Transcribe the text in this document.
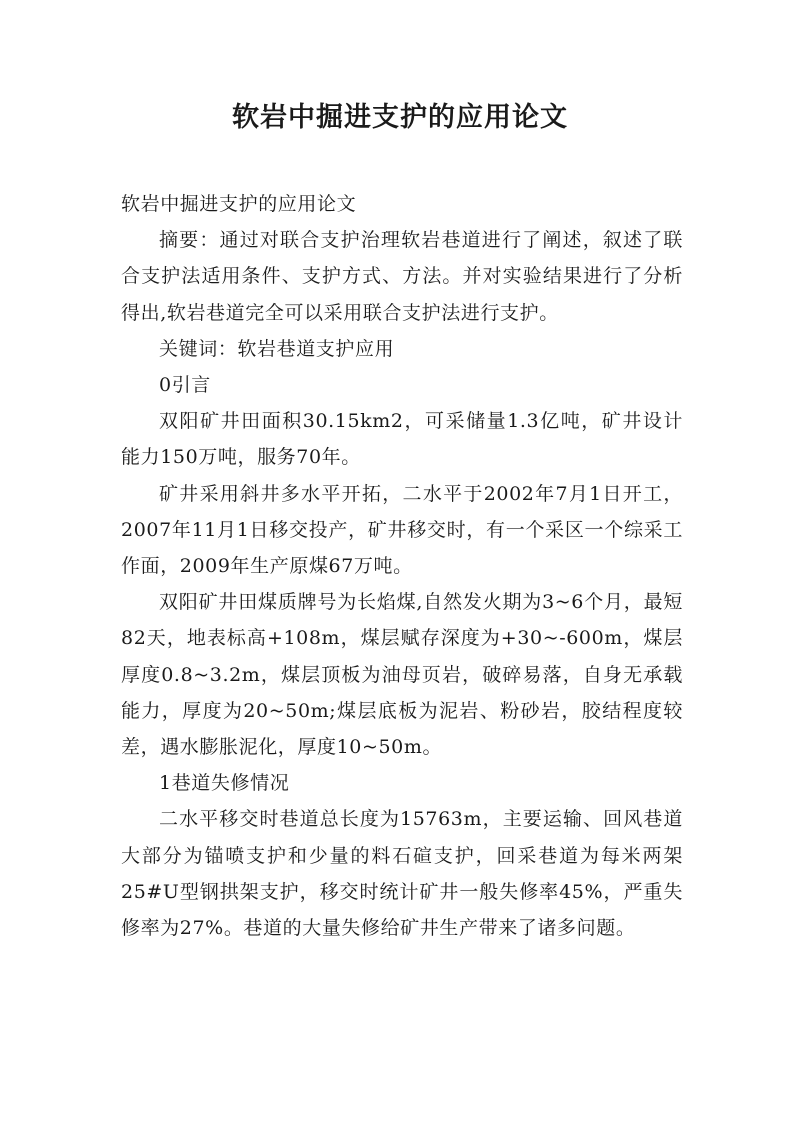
软岩中掘进支护的应用论文

软岩中掘进支护的应用论文

摘要：通过对联合支护治理软岩巷道进行了阐述，叙述了联合支护法适用条件、支护方式、方法。并对实验结果进行了分析得出,软岩巷道完全可以采用联合支护法进行支护。

关键词：软岩巷道支护应用

0引言

双阳矿井田面积30.15km2，可采储量1.3亿吨，矿井设计能力150万吨，服务70年。

矿井采用斜井多水平开拓，二水平于2002年7月1日开工，2007年11月1日移交投产，矿井移交时，有一个采区一个综采工作面，2009年生产原煤67万吨。

双阳矿井田煤质牌号为长焰煤,自然发火期为3~6个月，最短82天，地表标高+108m，煤层赋存深度为+30~-600m，煤层厚度0.8~3.2m，煤层顶板为油母页岩，破碎易落，自身无承载能力，厚度为20~50m;煤层底板为泥岩、粉砂岩，胶结程度较差，遇水膨胀泥化，厚度10~50m。

1巷道失修情况

二水平移交时巷道总长度为15763m，主要运输、回风巷道大部分为锚喷支护和少量的料石碹支护，回采巷道为每米两架25#U型钢拱架支护，移交时统计矿井一般失修率45%，严重失修率为27%。巷道的大量失修给矿井生产带来了诸多问题。
